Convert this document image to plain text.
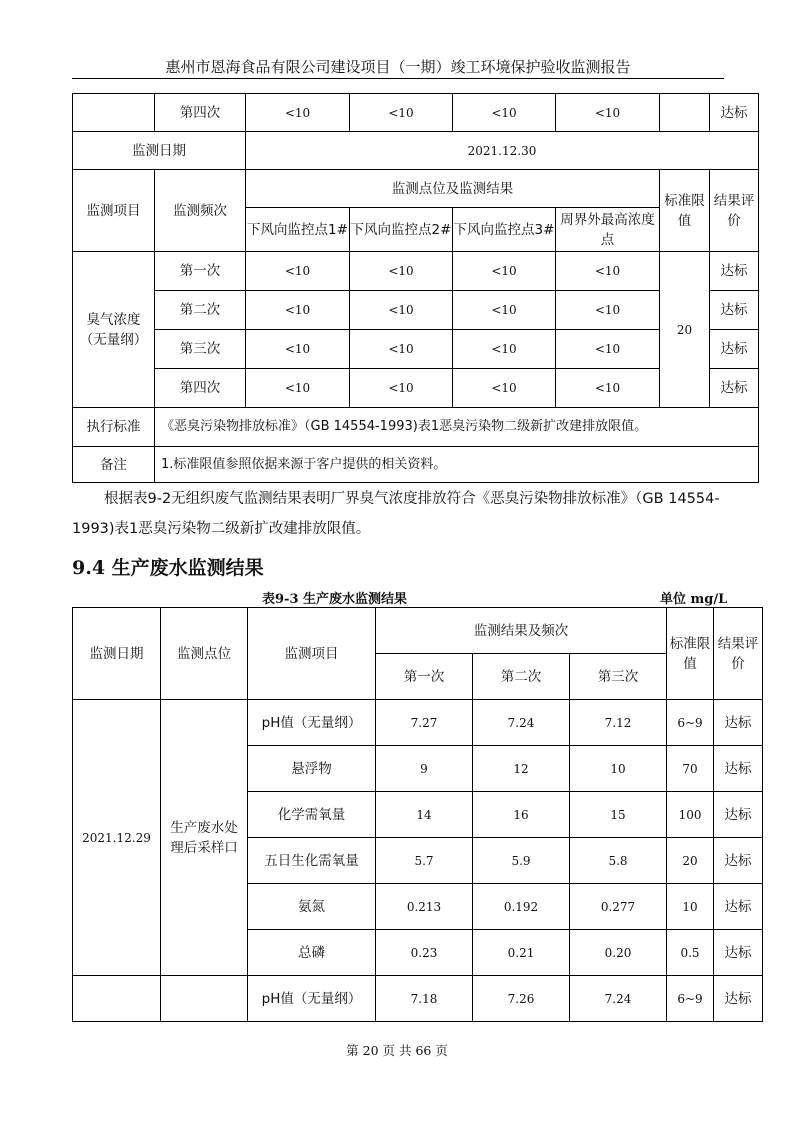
惠州市恩海食品有限公司建设项目（一期）竣工环境保护验收监测报告
	第四次	<10	<10	<10	<10		达标
监测日期		2021.12.30					
监测项目	监测频次	监测点位及监测结果				标准限值	结果评价
		下风向监控点1#	下风向监控点2#	下风向监控点3#	周界外最高浓度点		
臭气浓度（无量纲）	第一次	<10	<10	<10	<10	20	达标
	第二次	<10	<10	<10	<10		达标
	第三次	<10	<10	<10	<10		达标
	第四次	<10	<10	<10	<10		达标
执行标准	《恶臭污染物排放标准》（GB 14554-1993)表1恶臭污染物二级新扩改建排放限值。						
备注	1.标准限值参照依据来源于客户提供的相关资料。						
根据表9-2无组织废气监测结果表明厂界臭气浓度排放符合《恶臭污染物排放标准》（GB 14554-1993)表1恶臭污染物二级新扩改建排放限值。
9.4 生产废水监测结果
表9-3 生产废水监测结果	单位 mg/L
监测日期	监测点位	监测项目	监测结果及频次			标准限值	结果评价
			第一次	第二次	第三次		
2021.12.29	生产废水处理后采样口	pH值（无量纲）	7.27	7.24	7.12	6~9	达标
		悬浮物	9	12	10	70	达标
		化学需氧量	14	16	15	100	达标
		五日生化需氧量	5.7	5.9	5.8	20	达标
		氨氮	0.213	0.192	0.277	10	达标
		总磷	0.23	0.21	0.20	0.5	达标
		pH值（无量纲）	7.18	7.26	7.24	6~9	达标
第 20 页 共 66 页
